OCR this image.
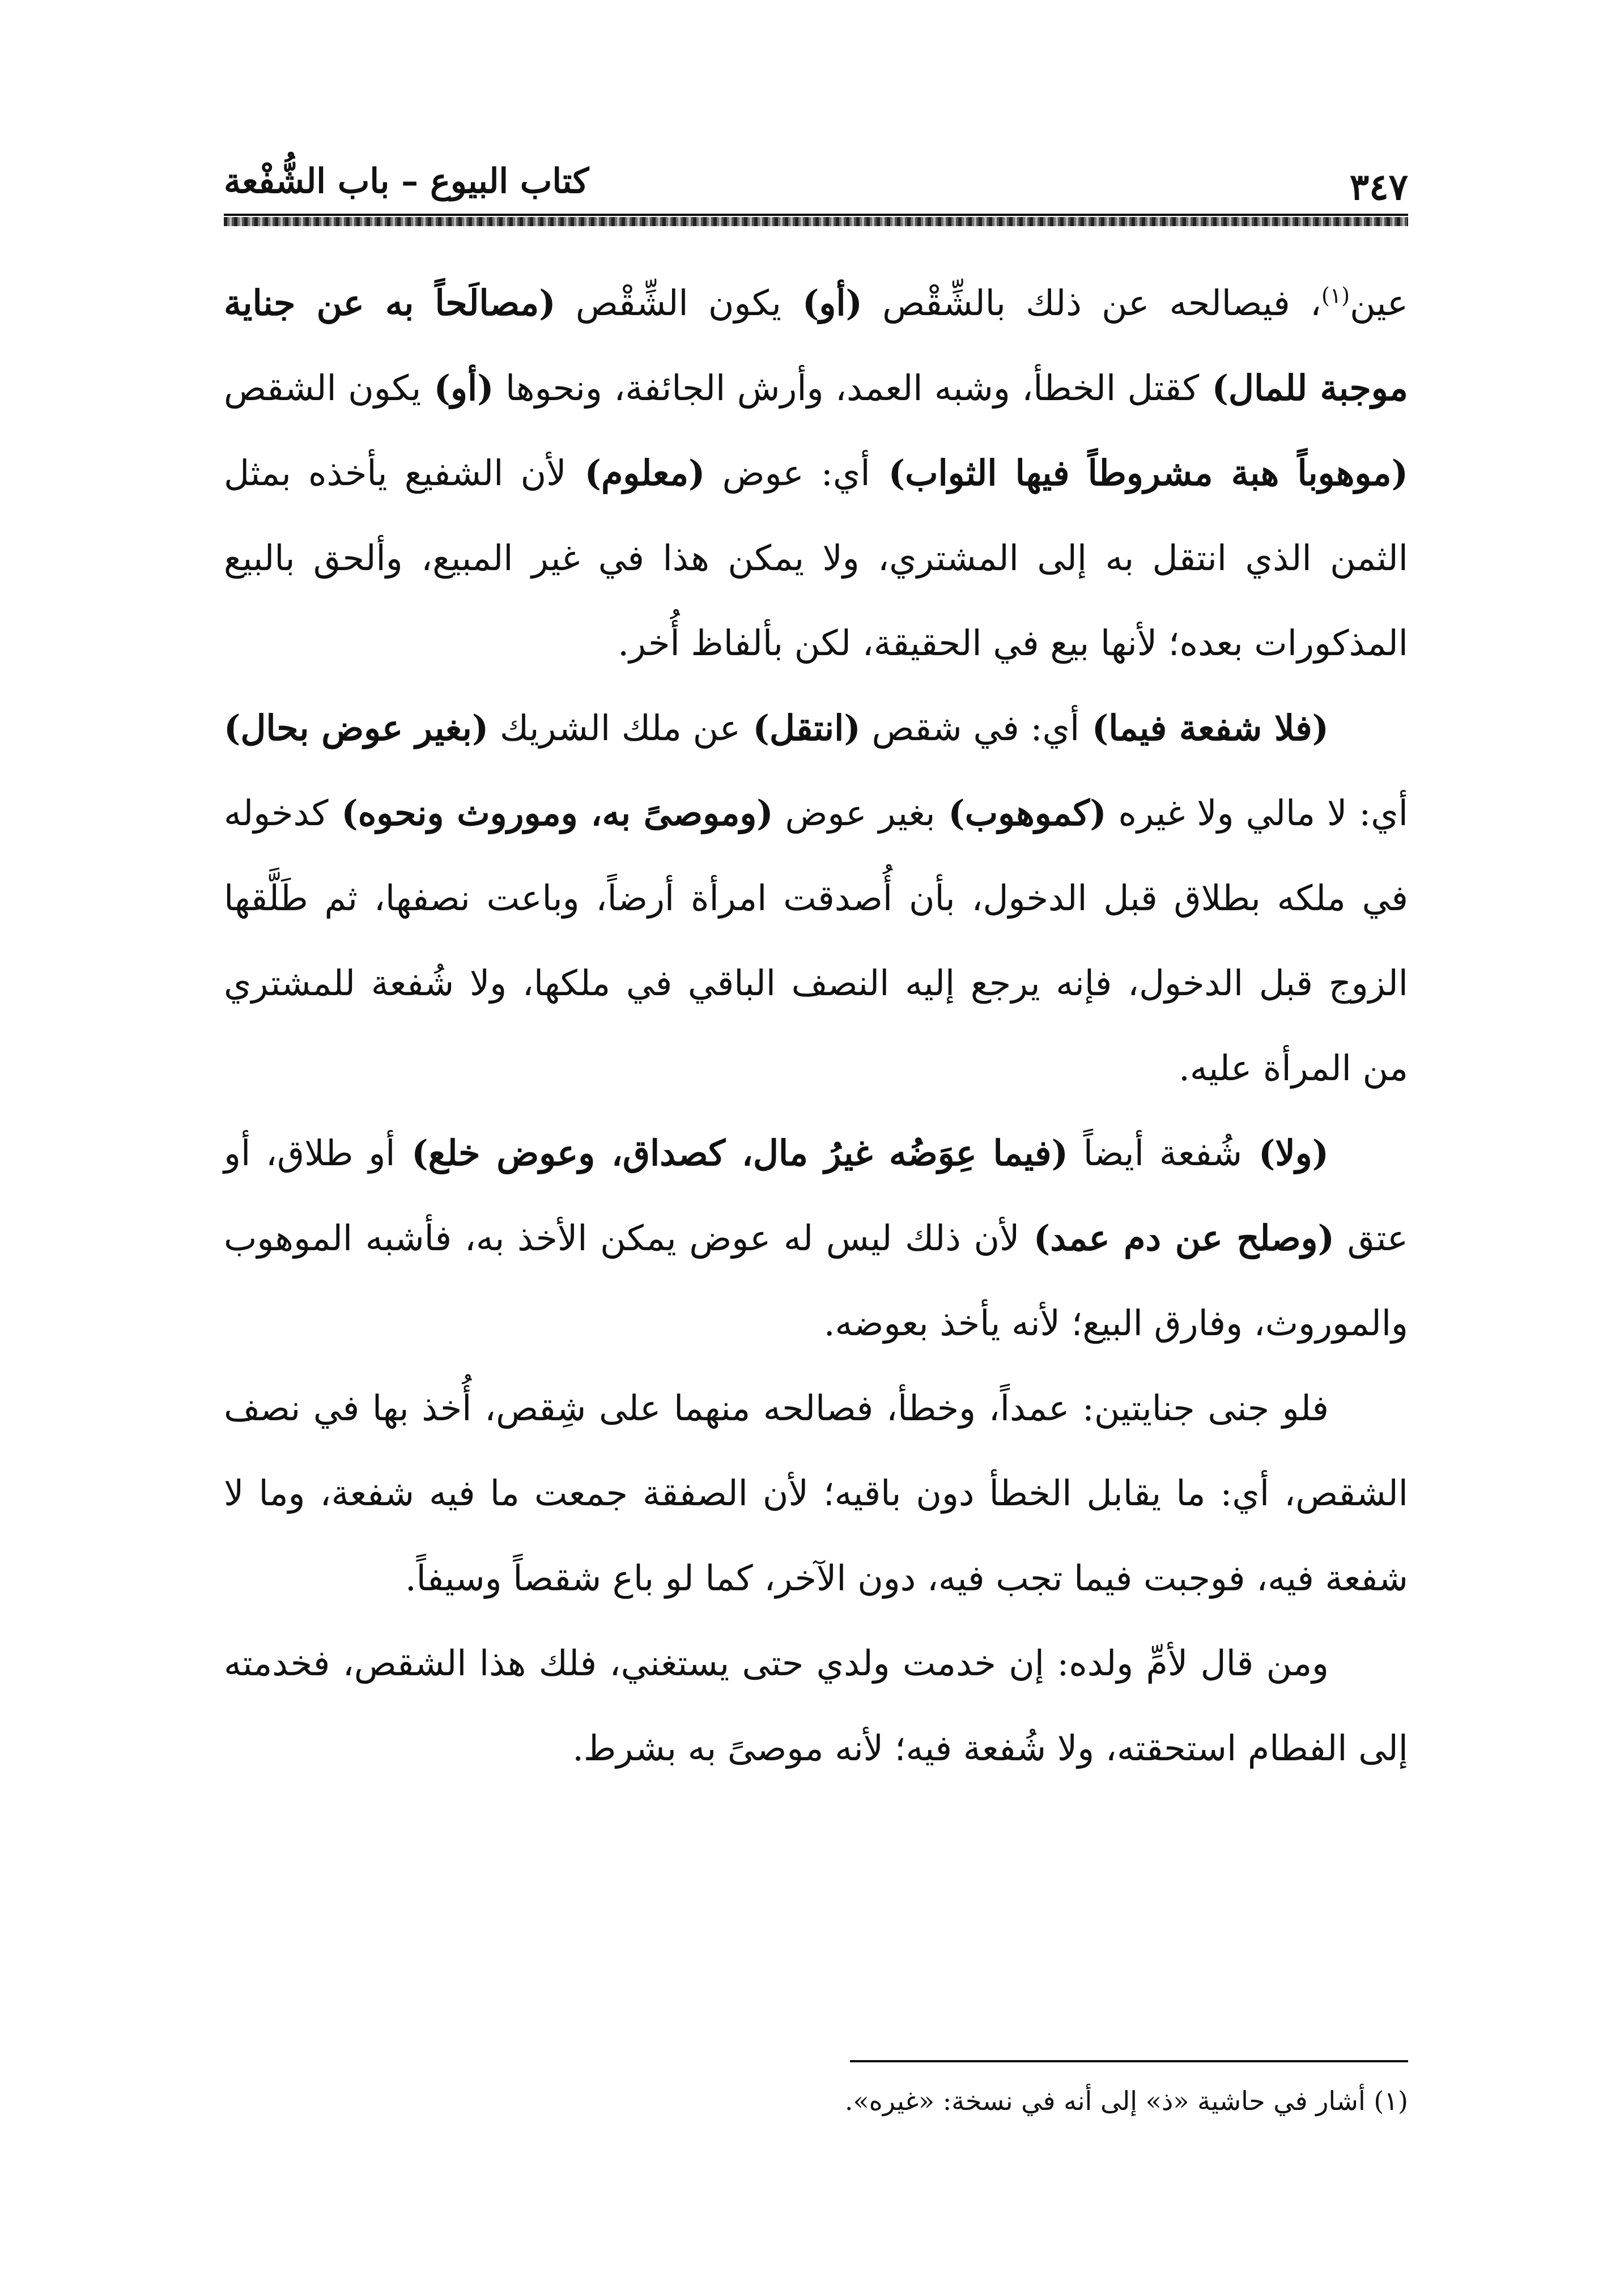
كتاب البيوع – باب الشُّفْعة	٣٤٧

عين$^{(١)}$، فيصالحه عن ذلك بالشِّقْص (أو) يكون الشِّقْص (مصالَحاً به عن جناية موجبة للمال) كقتل الخطأ، وشبه العمد، وأرش الجائفة، ونحوها (أو) يكون الشقص (موهوباً هبة مشروطاً فيها الثواب) أي: عوض (معلوم) لأن الشفيع يأخذه بمثل الثمن الذي انتقل به إلى المشتري، ولا يمكن هذا في غير المبيع، وألحق بالبيع المذكورات بعده؛ لأنها بيع في الحقيقة، لكن بألفاظ أُخر.

(فلا شفعة فيما) أي: في شقص (انتقل) عن ملك الشريك (بغير عوض بحال) أي: لا مالي ولا غيره (كموهوب) بغير عوض (وموصىً به، وموروث ونحوه) كدخوله في ملكه بطلاق قبل الدخول، بأن أُصدقت امرأة أرضاً، وباعت نصفها، ثم طَلَّقها الزوج قبل الدخول، فإنه يرجع إليه النصف الباقي في ملكها، ولا شُفعة للمشتري من المرأة عليه.

(ولا) شُفعة أيضاً (فيما عِوَضُه غيرُ مال، كصداق، وعوض خلع) أو طلاق، أو عتق (وصلح عن دم عمد) لأن ذلك ليس له عوض يمكن الأخذ به، فأشبه الموهوب والموروث، وفارق البيع؛ لأنه يأخذ بعوضه.

فلو جنى جنايتين: عمداً، وخطأ، فصالحه منهما على شِقص، أُخذ بها في نصف الشقص، أي: ما يقابل الخطأ دون باقيه؛ لأن الصفقة جمعت ما فيه شفعة، وما لا شفعة فيه، فوجبت فيما تجب فيه، دون الآخر، كما لو باع شقصاً وسيفاً.

ومن قال لأمِّ ولده: إن خدمت ولدي حتى يستغني، فلك هذا الشقص، فخدمته إلى الفطام استحقته، ولا شُفعة فيه؛ لأنه موصىً به بشرط.

(١) أشار في حاشية «ذ» إلى أنه في نسخة: «غيره».
